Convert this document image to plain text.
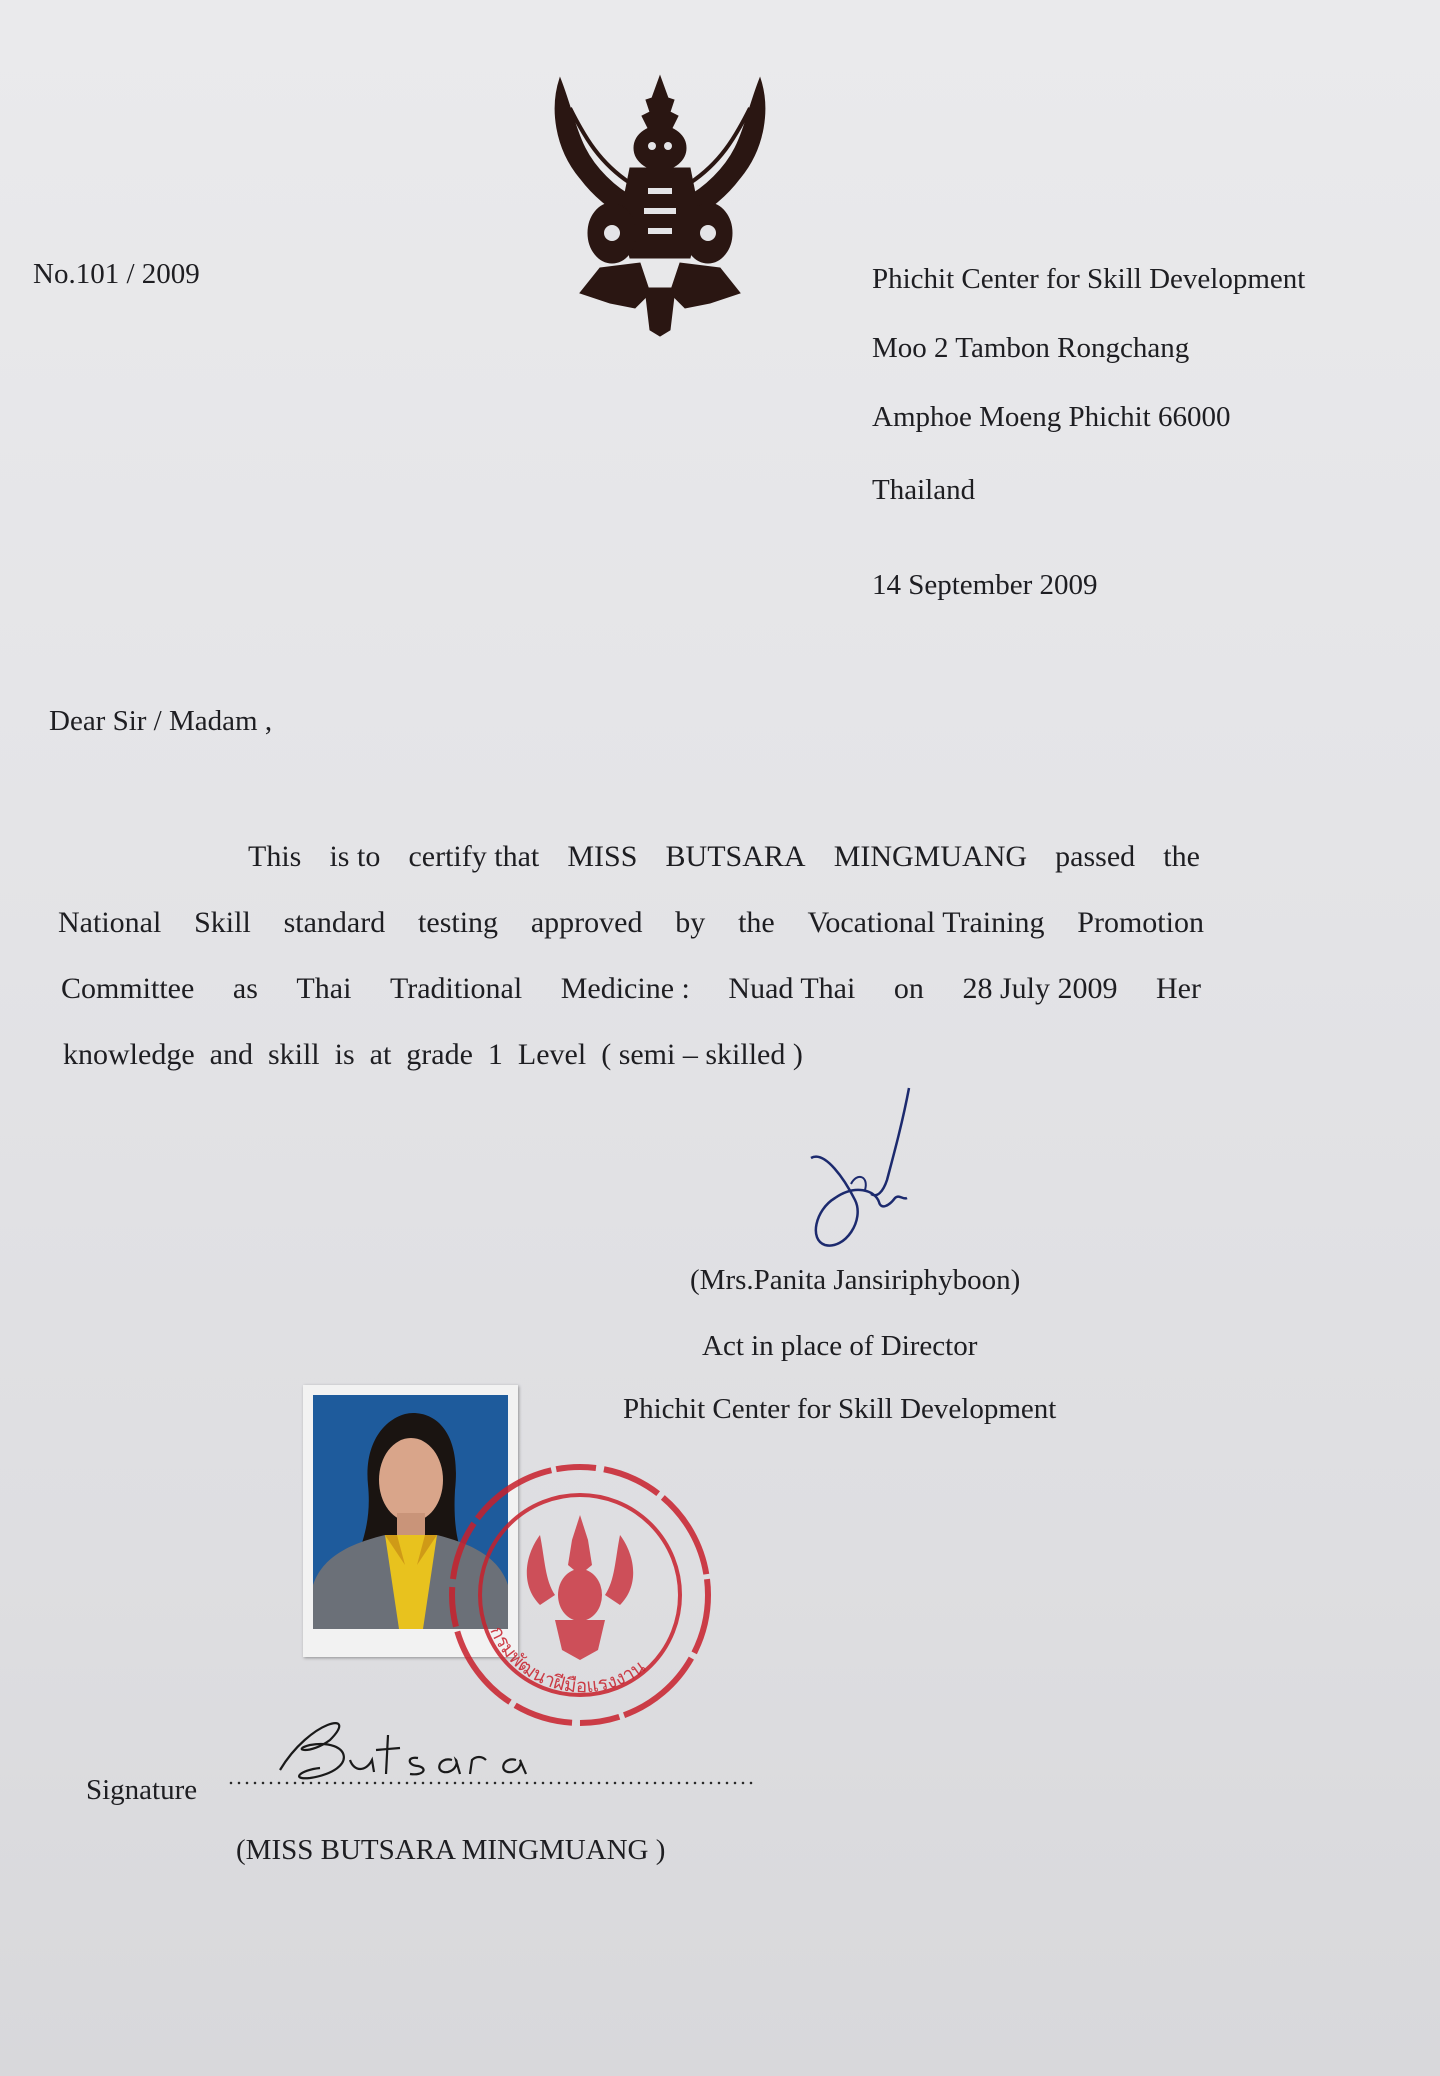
No.101 / 2009	Phichit Center for Skill Development
Moo 2 Tambon Rongchang
Amphoe Moeng Phichit 66000
Thailand
14 September 2009
Dear Sir / Madam ,
This is to certify that MISS BUTSARA MINGMUANG passed the
National Skill standard testing approved by the Vocational Training Promotion
Committee as Thai Traditional Medicine : Nuad Thai on 28 July 2009 Her
knowledge  and  skill  is  at  grade  1  Level  ( semi – skilled )
(Mrs.Panita Jansiriphyboon)
Act in place of Director
Phichit Center for Skill Development
กรมพัฒนาฝีมือแรงงาน
Signature
(MISS BUTSARA MINGMUANG )
